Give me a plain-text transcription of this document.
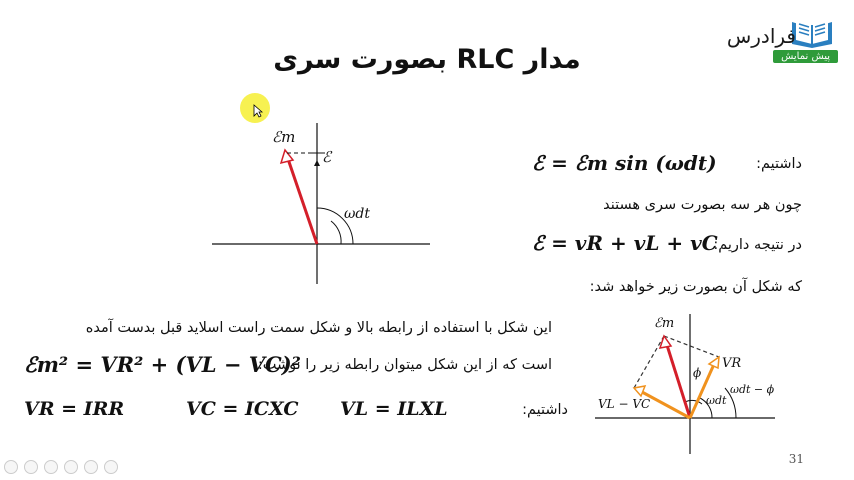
فرادرس
پیش نمایش
مدار RLC بصورت سری
ℰm
ℰ
ωdt
داشتیم:
ℰ = ℰm sin (ωdt)
چون هر سه بصورت سری هستند
در نتیجه داریم:
ℰ = vR + vL + vC
که شکل آن بصورت زیر خواهد شد:
این شکل با استفاده از رابطه بالا و شکل سمت راست اسلاید قبل بدست آمده
است که از این شکل میتوان رابطه زیر را نوشت:
ℰm² = VR² + (VL − VC)²
داشتیم:
VR = IRR	VC = ICXC VL = ILXL
ℰm
VR
VL − VC
ϕ
ωdt
ωdt − ϕ
31
